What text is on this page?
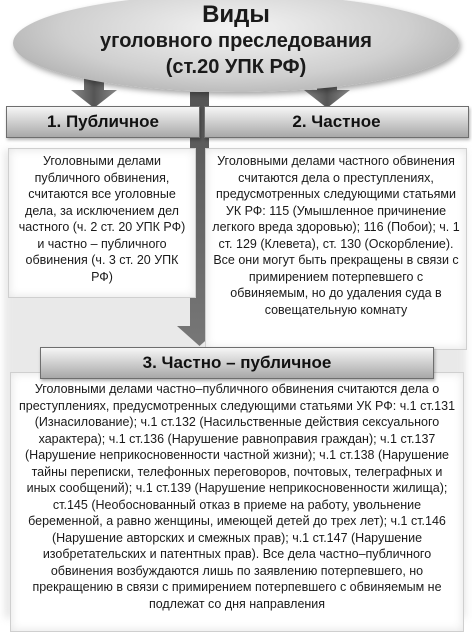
Виды
уголовного преследования
(ст.20 УПК РФ)
1. Публичное	2. Частное
Уголовными делами публичного обвинения, считаются все уголовные дела, за исключением дел частного (ч. 2 ст. 20 УПК РФ) и частно – публичного обвинения (ч. 3 ст. 20 УПК РФ)
Уголовными делами частного обвинения считаются дела о преступлениях, предусмотренных следующими статьями УК РФ: 115 (Умышленное причинение легкого вреда здоровью); 116 (Побои); ч. 1 ст. 129 (Клевета), ст. 130 (Оскорбление). Все они могут быть прекращены в связи с примирением потерпевшего с обвиняемым, но до удаления суда в совещательную комнату
3. Частно – публичное
Уголовными делами частно–публичного обвинения считаются дела о преступлениях, предусмотренных следующими статьями УК РФ: ч.1 ст.131 (Изнасилование); ч.1 ст.132 (Насильственные действия сексуального характера); ч.1 ст.136 (Нарушение равноправия граждан); ч.1 ст.137 (Нарушение неприкосновенности частной жизни); ч.1 ст.138 (Нарушение тайны переписки, телефонных переговоров, почтовых, телеграфных и иных сообщений); ч.1 ст.139 (Нарушение неприкосновенности жилища); ст.145 (Необоснованный отказ в приеме на работу, увольнение беременной, а равно женщины, имеющей детей до трех лет); ч.1 ст.146 (Нарушение авторских и смежных прав); ч.1 ст.147 (Нарушение изобретательских и патентных прав). Все дела частно–публичного обвинения возбуждаются лишь по заявлению потерпевшего, но прекращению в связи с примирением потерпевшего с обвиняемым не подлежат со дня направления
